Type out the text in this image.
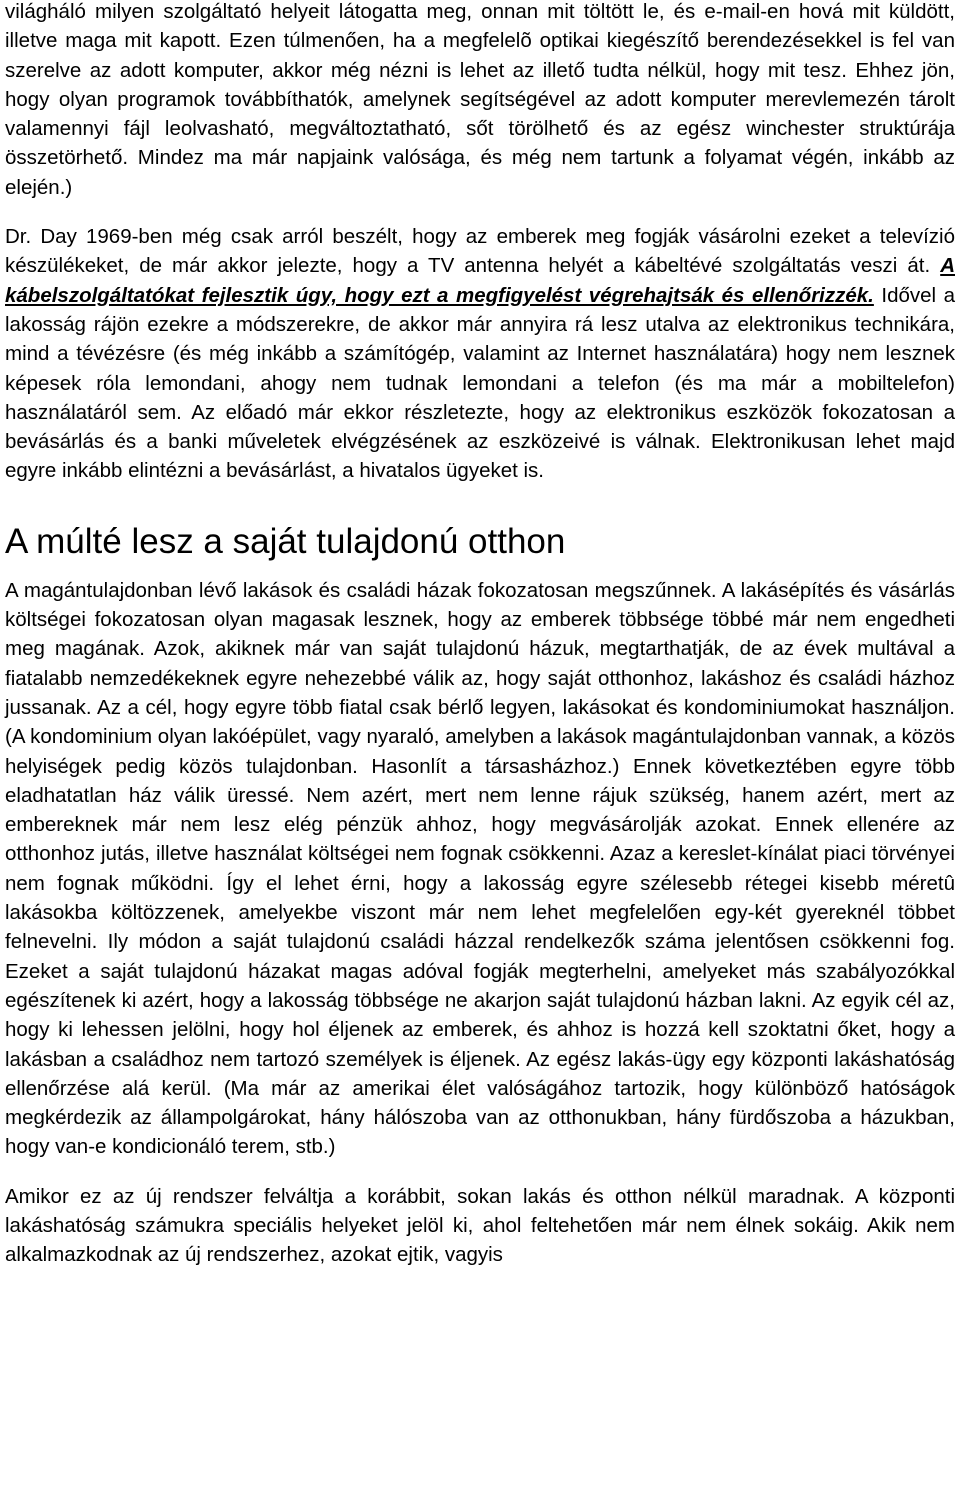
világháló milyen szolgáltató helyeit látogatta meg, onnan mit töltött le, és e-mail-en hová mit küldött, illetve maga mit kapott. Ezen túlmenően, ha a megfelelõ optikai kiegészítő berendezésekkel is fel van szerelve az adott komputer, akkor még nézni is lehet az illető tudta nélkül, hogy mit tesz. Ehhez jön, hogy olyan programok továbbíthatók, amelynek segítségével az adott komputer merevlemezén tárolt valamennyi fájl leolvasható, megváltoztatható, sőt törölhető és az egész winchester struktúrája összetörhető. Mindez ma már napjaink valósága, és még nem tartunk a folyamat végén, inkább az elején.)

Dr. Day 1969-ben még csak arról beszélt, hogy az emberek meg fogják vásárolni ezeket a televízió készülékeket, de már akkor jelezte, hogy a TV antenna helyét a kábeltévé szolgáltatás veszi át. A kábelszolgáltatókat fejlesztik úgy, hogy ezt a megfigyelést végrehajtsák és ellenőrizzék. Idővel a lakosság rájön ezekre a módszerekre, de akkor már annyira rá lesz utalva az elektronikus technikára, mind a tévézésre (és még inkább a számítógép, valamint az Internet használatára) hogy nem lesznek képesek róla lemondani, ahogy nem tudnak lemondani a telefon (és ma már a mobiltelefon) használatáról sem. Az előadó már ekkor részletezte, hogy az elektronikus eszközök fokozatosan a bevásárlás és a banki műveletek elvégzésének az eszközeivé is válnak. Elektronikusan lehet majd egyre inkább elintézni a bevásárlást, a hivatalos ügyeket is.

A múlté lesz a saját tulajdonú otthon

A magántulajdonban lévő lakások és családi házak fokozatosan megszűnnek. A lakásépítés és vásárlás költségei fokozatosan olyan magasak lesznek, hogy az emberek többsége többé már nem engedheti meg magának. Azok, akiknek már van saját tulajdonú házuk, megtarthatják, de az évek multával a fiatalabb nemzedékeknek egyre nehezebbé válik az, hogy saját otthonhoz, lakáshoz és családi házhoz jussanak. Az a cél, hogy egyre több fiatal csak bérlő legyen, lakásokat és kondominiumokat használjon. (A kondominium olyan lakóépület, vagy nyaraló, amelyben a lakások magántulajdonban vannak, a közös helyiségek pedig közös tulajdonban. Hasonlít a társasházhoz.) Ennek következtében egyre több eladhatatlan ház válik üressé. Nem azért, mert nem lenne rájuk szükség, hanem azért, mert az embereknek már nem lesz elég pénzük ahhoz, hogy megvásárolják azokat. Ennek ellenére az otthonhoz jutás, illetve használat költségei nem fognak csökkenni. Azaz a kereslet-kínálat piaci törvényei nem fognak működni. Így el lehet érni, hogy a lakosság egyre szélesebb rétegei kisebb méretû lakásokba költözzenek, amelyekbe viszont már nem lehet megfelelően egy-két gyereknél többet felnevelni. Ily módon a saját tulajdonú családi házzal rendelkezők száma jelentősen csökkenni fog. Ezeket a saját tulajdonú házakat magas adóval fogják megterhelni, amelyeket más szabályozókkal egészítenek ki azért, hogy a lakosság többsége ne akarjon saját tulajdonú házban lakni. Az egyik cél az, hogy ki lehessen jelölni, hogy hol éljenek az emberek, és ahhoz is hozzá kell szoktatni őket, hogy a lakásban a családhoz nem tartozó személyek is éljenek. Az egész lakás-ügy egy központi lakáshatóság ellenőrzése alá kerül. (Ma már az amerikai élet valóságához tartozik, hogy különböző hatóságok megkérdezik az állampolgárokat, hány hálószoba van az otthonukban, hány fürdőszoba a házukban, hogy van-e kondicionáló terem, stb.)

Amikor ez az új rendszer felváltja a korábbit, sokan lakás és otthon nélkül maradnak. A központi lakáshatóság számukra speciális helyeket jelöl ki, ahol feltehetően már nem élnek sokáig. Akik nem alkalmazkodnak az új rendszerhez, azokat ejtik, vagyis
